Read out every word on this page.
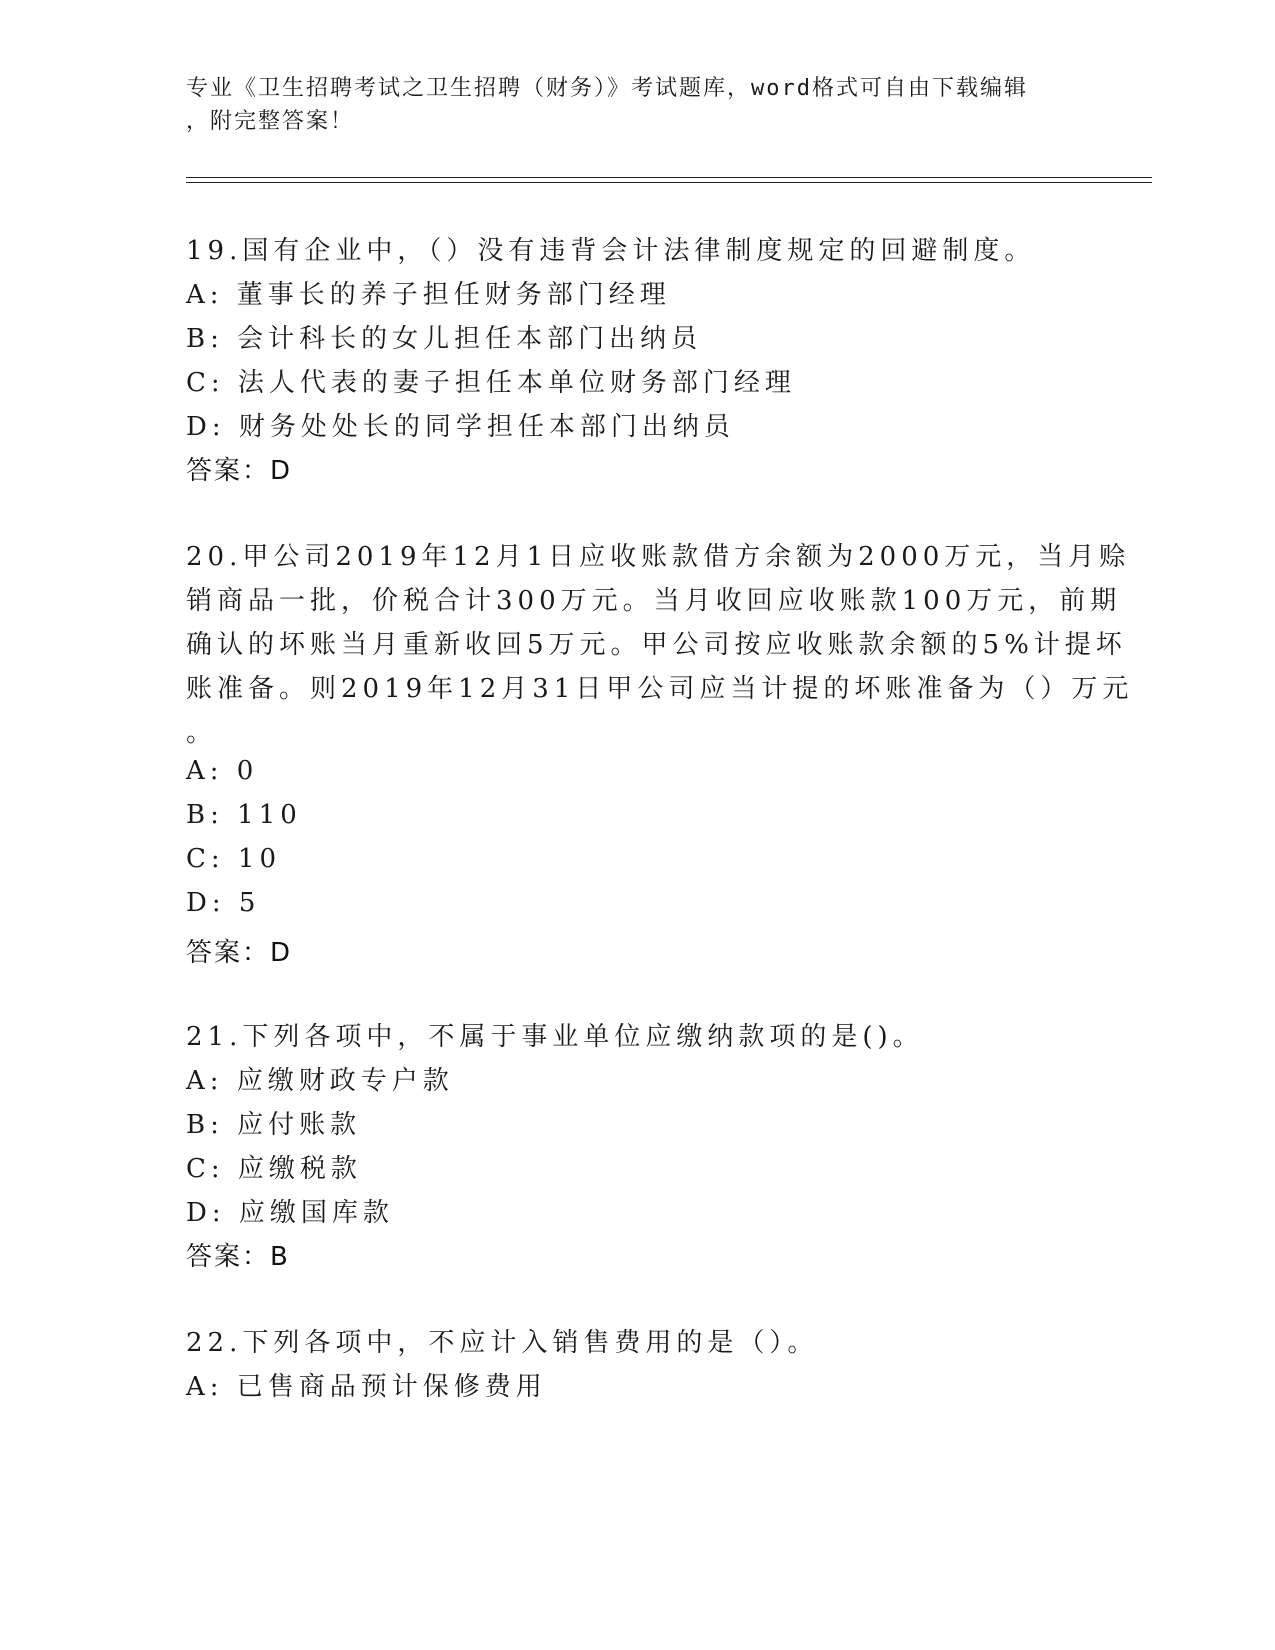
专业《卫生招聘考试之卫生招聘（财务）》考试题库，word格式可自由下载编辑
，附完整答案！
19.国有企业中，（）没有违背会计法律制度规定的回避制度。
A: 董事长的养子担任财务部门经理
B: 会计科长的女儿担任本部门出纳员
C: 法人代表的妻子担任本单位财务部门经理
D: 财务处处长的同学担任本部门出纳员
答案：D
20.甲公司2019年12月1日应收账款借方余额为2000万元，当月赊
销商品一批，价税合计300万元。当月收回应收账款100万元，前期
确认的坏账当月重新收回5万元。甲公司按应收账款余额的5%计提坏
账准备。则2019年12月31日甲公司应当计提的坏账准备为（）万元
。
A: 0
B: 110
C: 10
D: 5
答案：D
21.下列各项中，不属于事业单位应缴纳款项的是()。
A: 应缴财政专户款
B: 应付账款
C: 应缴税款
D: 应缴国库款
答案：B
22.下列各项中，不应计入销售费用的是（）。
A: 已售商品预计保修费用
